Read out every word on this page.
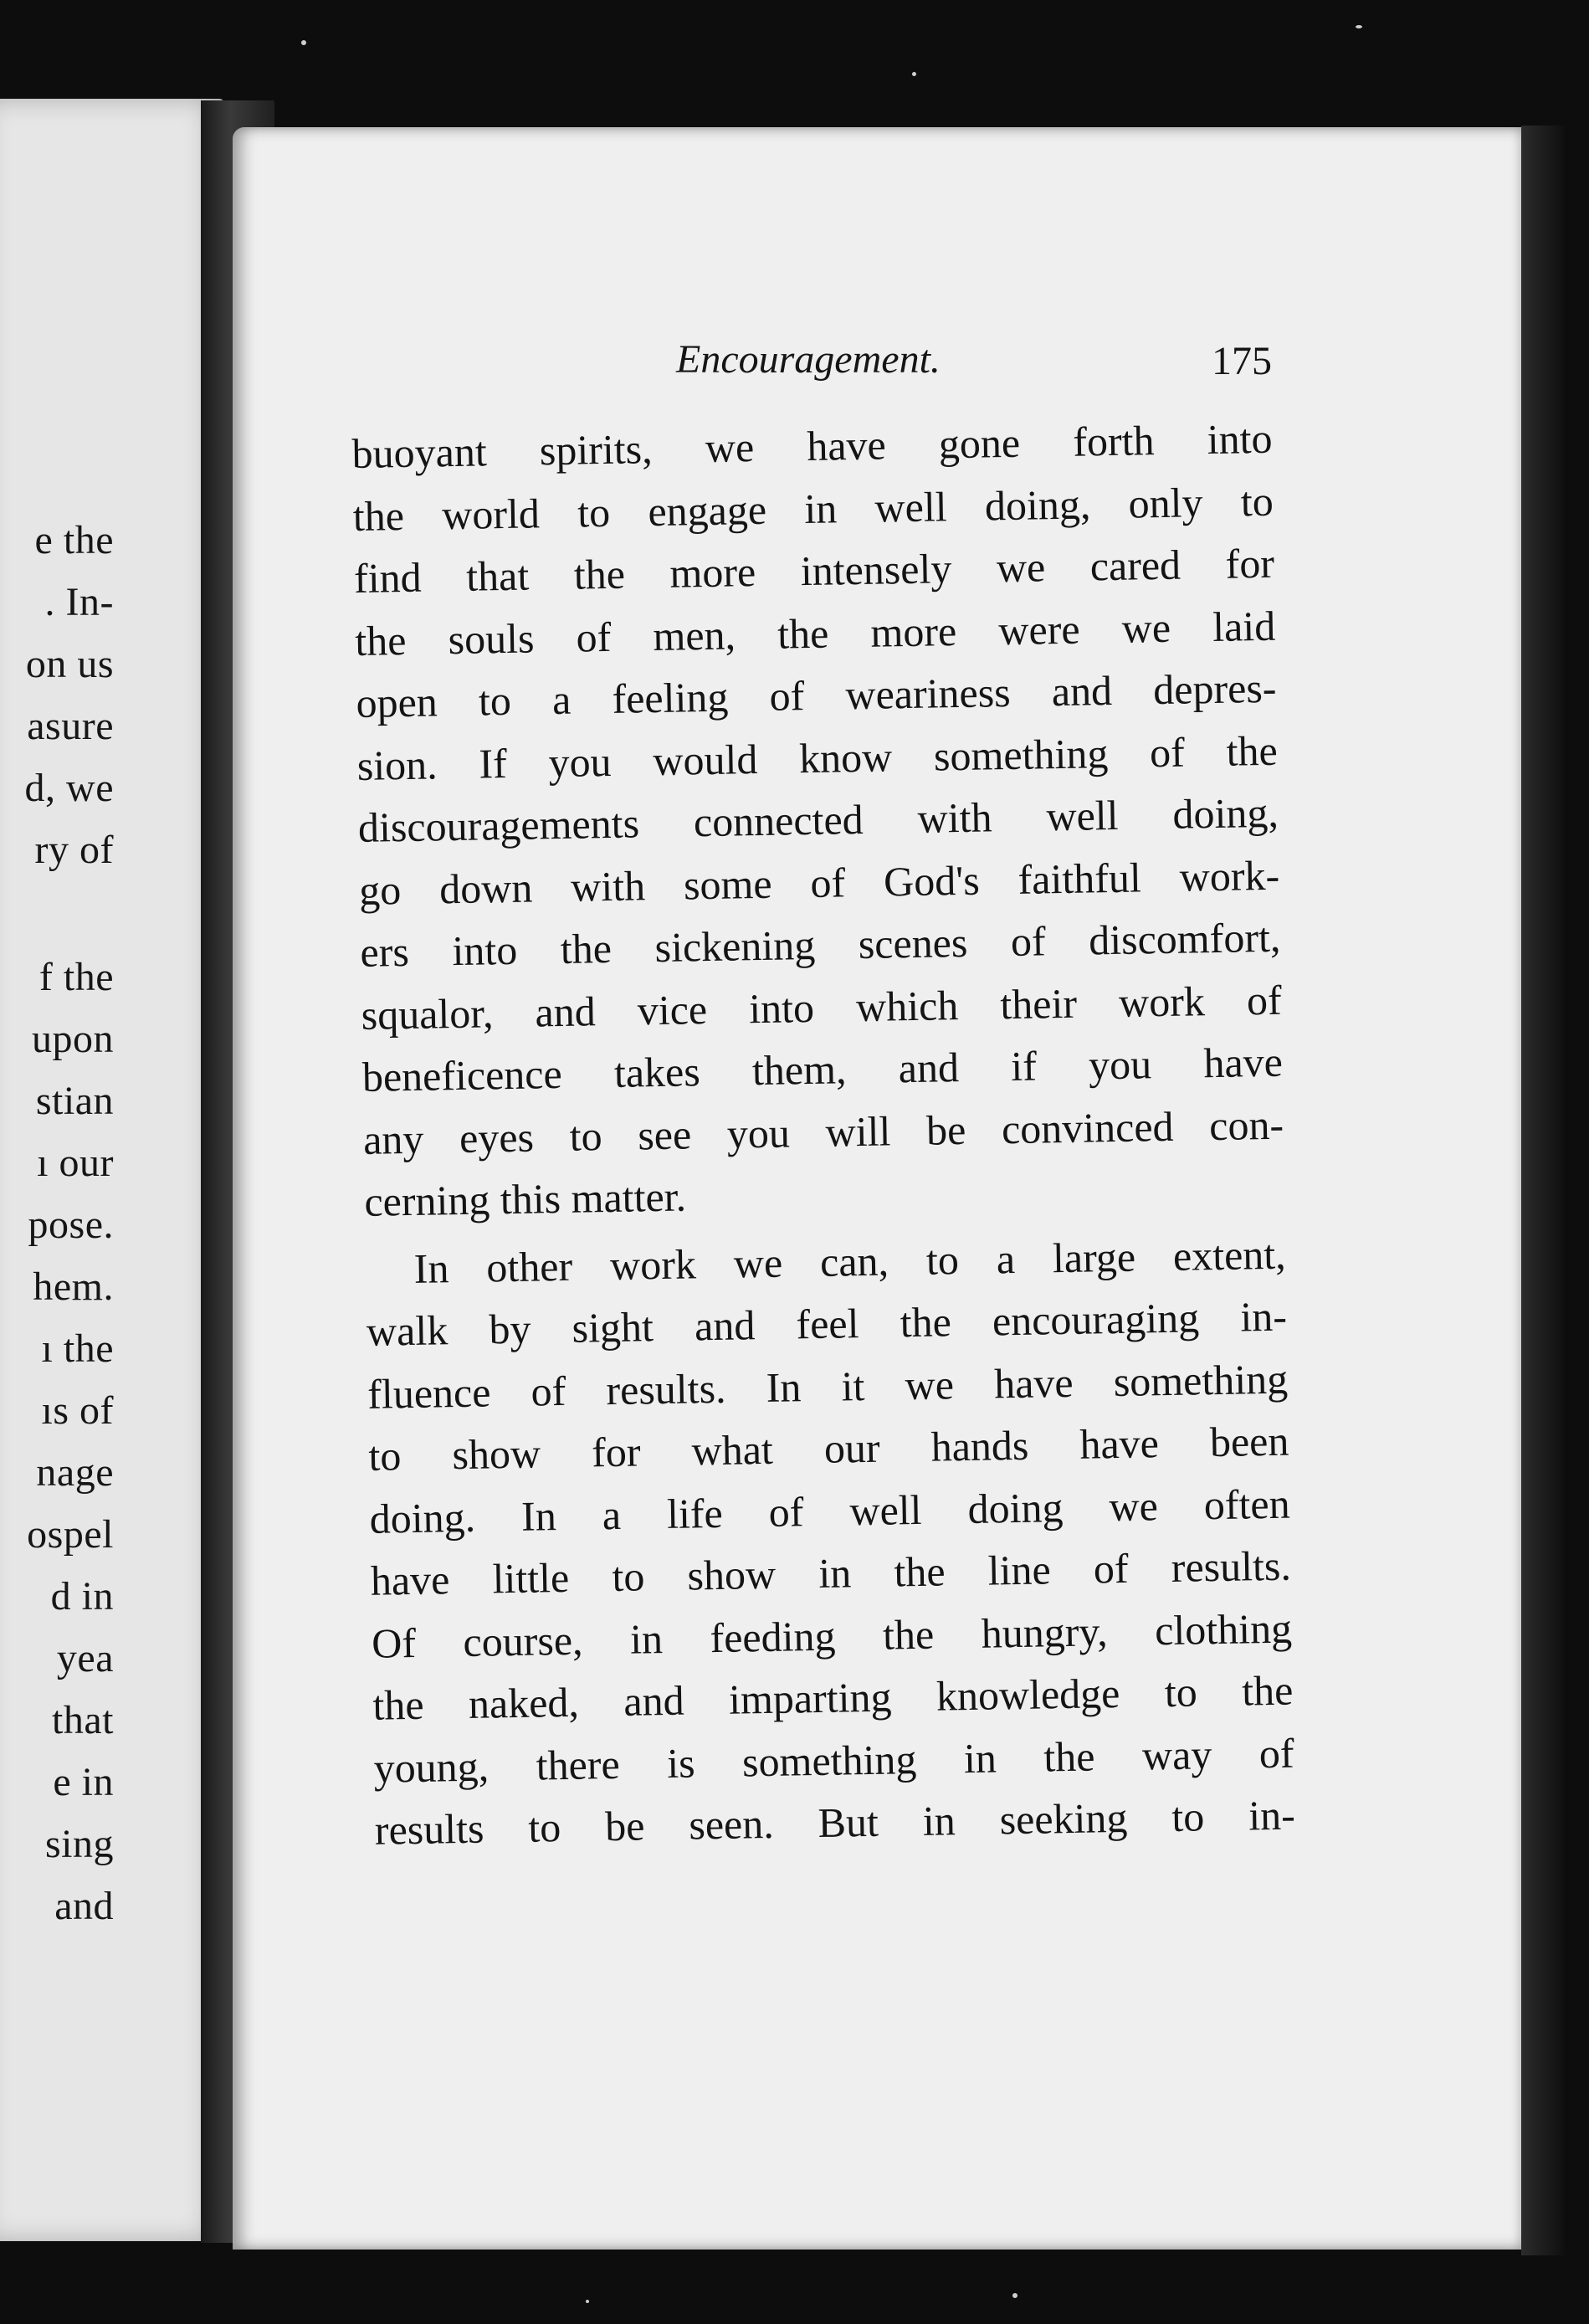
e the
. In-
on us
asure
d, we
ry of
f the
upon
stian
ı our
pose.
hem.
ı the
ıs of
nage
ospel
d in
yea
that
e in
sing
and
Encouragement.	175
buoyant spirits, we have gone forth into
the world to engage in well doing, only to
find that the more intensely we cared for
the souls of men, the more were we laid
open to a feeling of weariness and depres-
sion. If you would know something of the
discouragements connected with well doing,
go down with some of God's faithful work-
ers into the sickening scenes of discomfort,
squalor, and vice into which their work of
beneficence takes them, and if you have
any eyes to see you will be convinced con-
cerning this matter.
In other work we can, to a large extent,
walk by sight and feel the encouraging in-
fluence of results. In it we have something
to show for what our hands have been
doing. In a life of well doing we often
have little to show in the line of results.
Of course, in feeding the hungry, clothing
the naked, and imparting knowledge to the
young, there is something in the way of
results to be seen. But in seeking to in-
